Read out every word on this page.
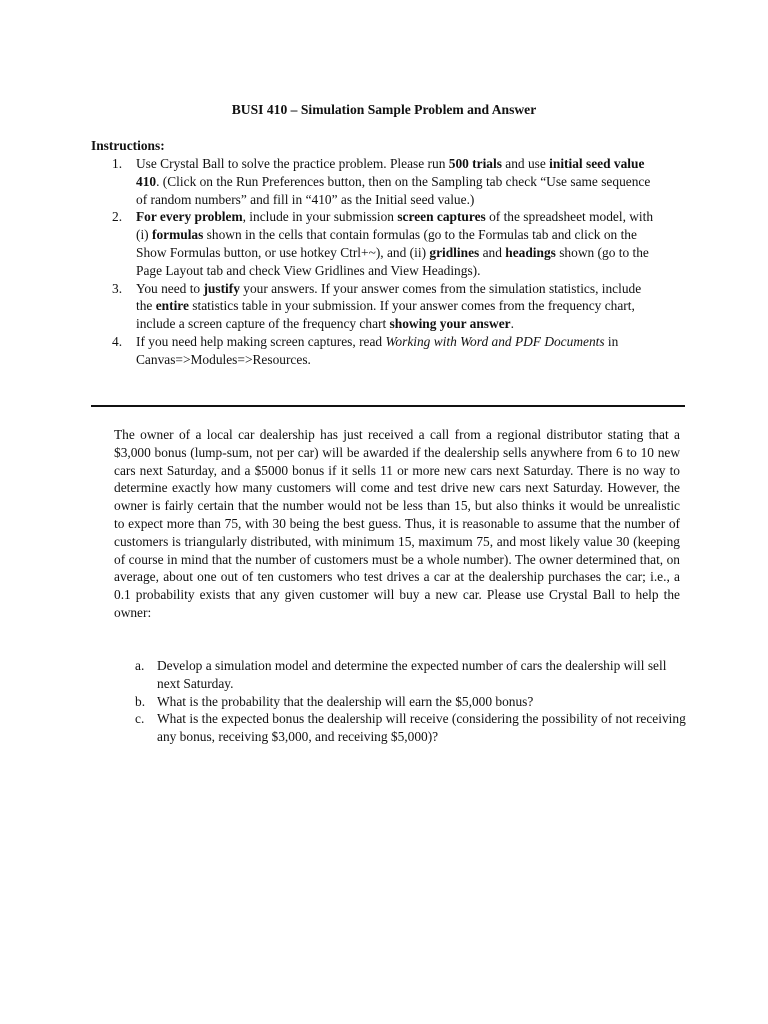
BUSI 410 – Simulation Sample Problem and Answer
Instructions:
1. Use Crystal Ball to solve the practice problem. Please run 500 trials and use initial seed value 410. (Click on the Run Preferences button, then on the Sampling tab check “Use same sequence of random numbers” and fill in “410” as the Initial seed value.)
2. For every problem, include in your submission screen captures of the spreadsheet model, with (i) formulas shown in the cells that contain formulas (go to the Formulas tab and click on the Show Formulas button, or use hotkey Ctrl+~), and (ii) gridlines and headings shown (go to the Page Layout tab and check View Gridlines and View Headings).
3. You need to justify your answers. If your answer comes from the simulation statistics, include the entire statistics table in your submission. If your answer comes from the frequency chart, include a screen capture of the frequency chart showing your answer.
4. If you need help making screen captures, read Working with Word and PDF Documents in Canvas=>Modules=>Resources.

The owner of a local car dealership has just received a call from a regional distributor stating that a $3,000 bonus (lump-sum, not per car) will be awarded if the dealership sells anywhere from 6 to 10 new cars next Saturday, and a $5000 bonus if it sells 11 or more new cars next Saturday. There is no way to determine exactly how many customers will come and test drive new cars next Saturday. However, the owner is fairly certain that the number would not be less than 15, but also thinks it would be unrealistic to expect more than 75, with 30 being the best guess. Thus, it is reasonable to assume that the number of customers is triangularly distributed, with minimum 15, maximum 75, and most likely value 30 (keeping of course in mind that the number of customers must be a whole number). The owner determined that, on average, about one out of ten customers who test drives a car at the dealership purchases the car; i.e., a 0.1 probability exists that any given customer will buy a new car. Please use Crystal Ball to help the owner:

a. Develop a simulation model and determine the expected number of cars the dealership will sell next Saturday.
b. What is the probability that the dealership will earn the $5,000 bonus?
c. What is the expected bonus the dealership will receive (considering the possibility of not receiving any bonus, receiving $3,000, and receiving $5,000)?
